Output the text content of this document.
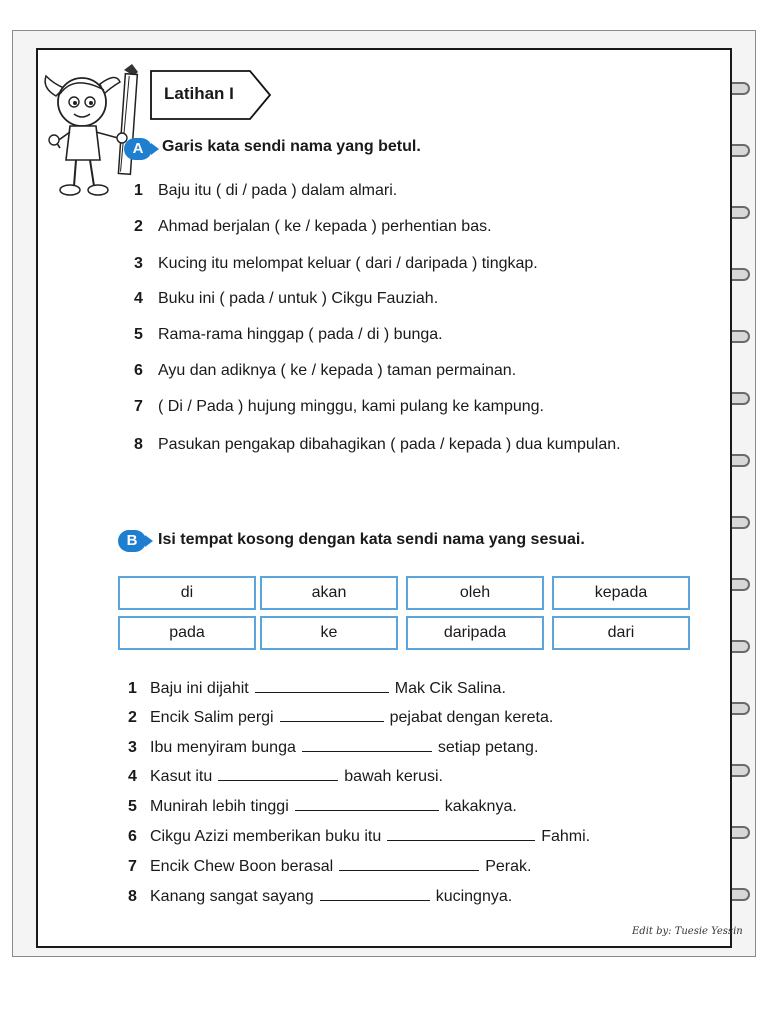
Latihan I
A	Garis kata sendi nama yang betul.
1 Baju itu ( di / pada ) dalam almari.
2 Ahmad berjalan ( ke / kepada ) perhentian bas.
3 Kucing itu melompat keluar ( dari / daripada ) tingkap.
4 Buku ini ( pada / untuk ) Cikgu Fauziah.
5 Rama-rama hinggap ( pada / di ) bunga.
6 Ayu dan adiknya ( ke / kepada ) taman permainan.
7 ( Di / Pada ) hujung minggu, kami pulang ke kampung.
8 Pasukan pengakap dibahagikan ( pada / kepada ) dua kumpulan.
B	Isi tempat kosong dengan kata sendi nama yang sesuai.
di	akan	oleh	kepada
pada	ke	daripada	dari
1 Baju ini dijahit	Mak Cik Salina.
2 Encik Salim pergi	pejabat dengan kereta.
3 Ibu menyiram bunga	setiap petang.
4 Kasut itu	bawah kerusi.
5 Munirah lebih tinggi	kakaknya.
6 Cikgu Azizi memberikan buku itu	Fahmi.
7 Encik Chew Boon berasal	Perak.
8 Kanang sangat sayang	kucingnya.
Edit by: Tuesie Yessin
